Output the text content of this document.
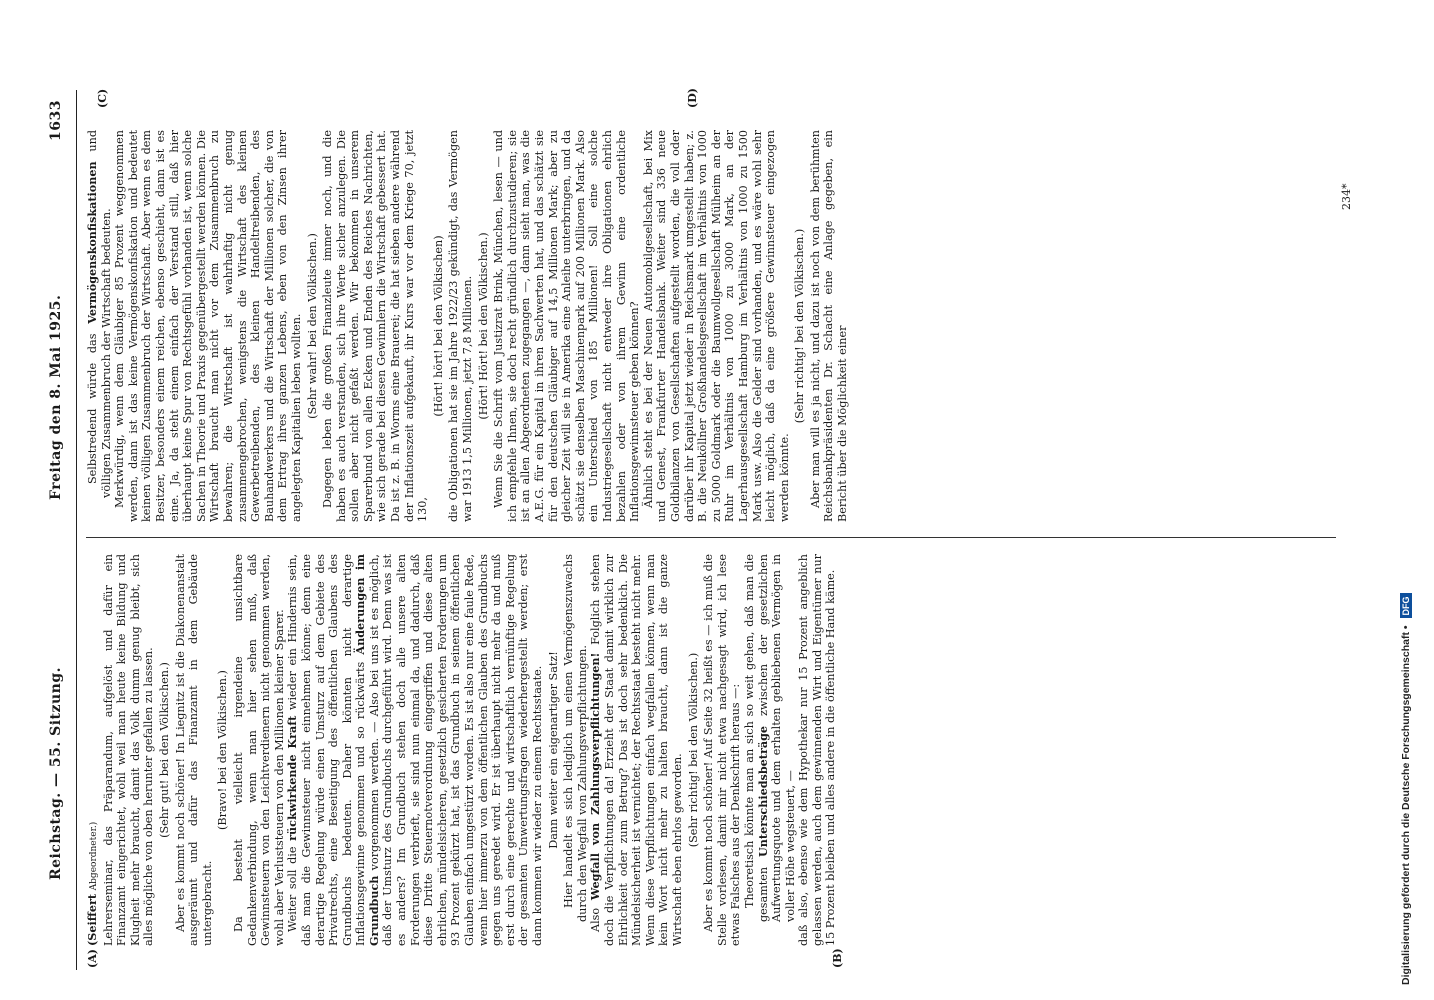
Reichstag. — 55. Sitzung.
Freitag den 8. Mai 1925.
1633
(A)

(Seiffert Abgeordneter.) Lehrerseminar, das Präparandum, aufgelöst und dafür ein Finanzamt eingerichtet, wohl weil man heute keine Bildung und Klugheit mehr braucht, damit das Volk dumm genug bleibt, sich alles mögliche von oben herunter gefallen zu lassen. (Sehr gut! bei den Völkischen.) Aber es kommt noch schöner! In Liegnitz ist die Diakonenanstalt ausgeräumt und dafür das Finanzamt in dem Gebäude untergebracht.

(Bravo! bei den Völkischen.) Da besteht vielleicht irgendeine unsichtbare Gedankenverbindung, wenn man hier sehen muß, daß Gewinnsteuern von den Leichtverdienern nicht genommen werden, wohl aber Verluststeuern von den Millionen kleiner Sparer. Weiter soll die rückwirkende Kraft wieder ein Hindernis sein, daß man die Gewinnsteuer nicht einnehmen könne; denn eine derartige Regelung würde einen Umsturz auf dem Gebiete des Privatrechts, eine Beseitigung des öffentlichen Glaubens des Grundbuchs bedeuten. Daher könnten nicht derartige Inflationsgewinne genommen und so rückwärts Änderungen im Grundbuch vorgenommen werden. — Also bei uns ist es möglich, daß der Umsturz des Grundbuchs durchgeführt wird. Denn was ist es anders? Im Grundbuch stehen doch alle unsere alten Forderungen verbrieft, sie sind nun einmal da, und dadurch, daß diese Dritte Steuernotverordnung eingegriffen und diese alten ehrlichen, mündelsicheren, gesetzlich gesicherten Forderungen um 93 Prozent gekürzt hat, ist das Grundbuch in seinem öffentlichen Glauben einfach umgestürzt worden. Es ist also nur eine faule Rede, wenn hier immerzu von dem öffentlichen Glauben des Grundbuchs gegen uns geredet wird. Er ist überhaupt nicht mehr da und muß erst durch eine gerechte und wirtschaftlich vernünftige Regelung der gesamten Umwertungsfragen wiederhergestellt werden; erst dann kommen wir wieder zu einem Rechtsstaate.

(B)

Dann weiter ein eigenartiger Satz! Hier handelt es sich lediglich um einen Vermögenszuwachs durch den Wegfall von Zahlungsverpflichtungen. Also Wegfall von Zahlungsverpflichtungen! Folglich stehen doch die Verpflichtungen da! Erzieht der Staat damit wirklich zur Ehrlichkeit oder zum Betrug? Das ist doch sehr bedenklich. Die Mündelsicherheit ist vernichtet; der Rechtsstaat besteht nicht mehr. Wenn diese Verpflichtungen einfach wegfallen können, wenn man kein Wort nicht mehr zu halten braucht, dann ist die ganze Wirtschaft eben ehrlos geworden.

(Sehr richtig! bei den Völkischen.) Aber es kommt noch schöner! Auf Seite 32 heißt es — ich muß die Stelle vorlesen, damit mir nicht etwa nachgesagt wird, ich lese etwas Falsches aus der Denkschrift heraus —: Theoretisch könnte man an sich so weit gehen, daß man die gesamten Unterschiedsbeträge zwischen der gesetzlichen Aufwertungsquote und dem erhalten gebliebenen Vermögen in voller Höhe wegsteuert, — daß also, ebenso wie dem Hypothekar nur 15 Prozent angeblich gelassen werden, auch dem gewinnenden Wirt und Eigentümer nur 15 Prozent bleiben und alles andere in die öffentliche Hand käme.

(C)

Selbstredend würde das Vermögenskonfiskationen und völligen Zusammenbruch der Wirtschaft bedeuten. Merkwürdig, wenn dem Gläubiger 85 Prozent weggenommen werden, dann ist das keine Vermögenskonfiskation und bedeutet keinen völligen Zusammenbruch der Wirtschaft. Aber wenn es dem Besitzer, besonders einem reichen, ebenso geschieht, dann ist es eine. Ja, da steht einem einfach der Verstand still, daß hier überhaupt keine Spur von Rechtsgefühl vorhanden ist, wenn solche Sachen in Theorie und Praxis gegenübergestellt werden können. Die Wirtschaft braucht man nicht vor dem Zusammenbruch zu bewahren; die Wirtschaft ist wahrhaftig nicht genug zusammengebrochen, wenigstens die Wirtschaft des kleinen Gewerbetreibenden, des kleinen Handeltreibenden, des Bauhandwerkers und die Wirtschaft der Millionen solcher, die von dem Ertrag ihres ganzen Lebens, eben von den Zinsen ihrer angelegten Kapitalien leben wollten. (Sehr wahr! bei den Völkischen.) Dagegen leben die großen Finanzleute immer noch, und die haben es auch verstanden, sich ihre Werte sicher anzulegen. Die sollen aber nicht gefaßt werden. Wir bekommen in unserem Sparerbund von allen Ecken und Enden des Reiches Nachrichten, wie sich gerade bei diesen Gewinnlern die Wirtschaft gebessert hat. Da ist z. B. in Worms eine Brauerei; die hat sieben andere während der Inflationszeit aufgekauft, ihr Kurs war vor dem Kriege 70, jetzt 130,

(Hört! hört! bei den Völkischen)

(D)

die Obligationen hat sie im Jahre 1922/23 gekündigt, das Vermögen war 1913 1,5 Millionen, jetzt 7,8 Millionen. (Hört! Hört! bei den Völkischen.) Wenn Sie die Schrift vom Justizrat Brink, München, lesen — und ich empfehle Ihnen, sie doch recht gründlich durchzustudieren; sie ist an allen Abgeordneten zugegangen —, dann sieht man, was die A.E.G. für ein Kapital in ihren Sachwerten hat, und das schätzt sie für den deutschen Gläubiger auf 14,5 Millionen Mark; aber zu gleicher Zeit will sie in Amerika eine Anleihe unterbringen, und da schätzt sie denselben Maschinenpark auf 200 Millionen Mark. Also ein Unterschied von 185 Millionen! Soll eine solche Industriegesellschaft nicht entweder ihre Obligationen ehrlich bezahlen oder von ihrem Gewinn eine ordentliche Inflationsgewinnsteuer geben können? Ähnlich steht es bei der Neuen Automobilgesellschaft, bei Mix und Genest, Frankfurter Handelsbank. Weiter sind 336 neue Goldbilanzen von Gesellschaften aufgestellt worden, die voll oder darüber ihr Kapital jetzt wieder in Reichsmark umgestellt haben; z. B. die Neuköllner Großhandelsgesellschaft im Verhältnis von 1000 zu 5000 Goldmark oder die Baumwollgesellschaft Mülheim an der Ruhr im Verhältnis von 1000 zu 3000 Mark, an der Lagerhausgesellschaft Hamburg im Verhältnis von 1000 zu 1500 Mark usw. Also die Gelder sind vorhanden, und es wäre wohl sehr leicht möglich, daß da eine größere Gewinnsteuer eingezogen werden könnte.

(Sehr richtig! bei den Völkischen.) Aber man will es ja nicht, und dazu ist noch von dem berühmten Reichsbankpräsidenten Dr. Schacht eine Anlage gegeben, ein Bericht über die Möglichkeit einer

234*
Digitalisierung gefördert durch die Deutsche Forschungsgemeinschaft • DFG
